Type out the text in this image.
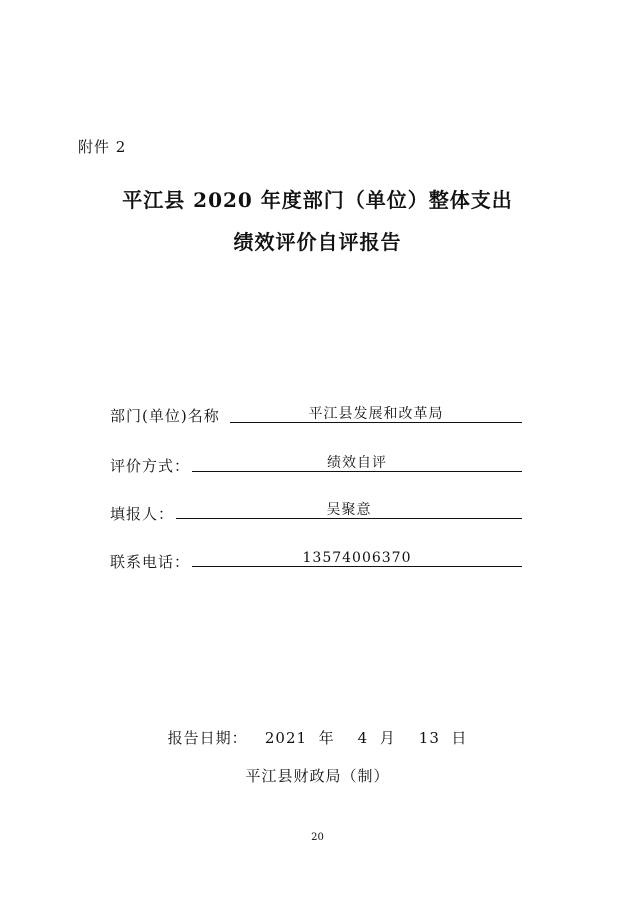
附件 2
平江县 2020 年度部门（单位）整体支出
绩效评价自评报告
部门(单位)名称	平江县发展和改革局
评价方式：	绩效自评
填报人：	吴聚意
联系电话：	13574006370
报告日期：   2021  年    4  月    13  日
平江县财政局（制）
20
